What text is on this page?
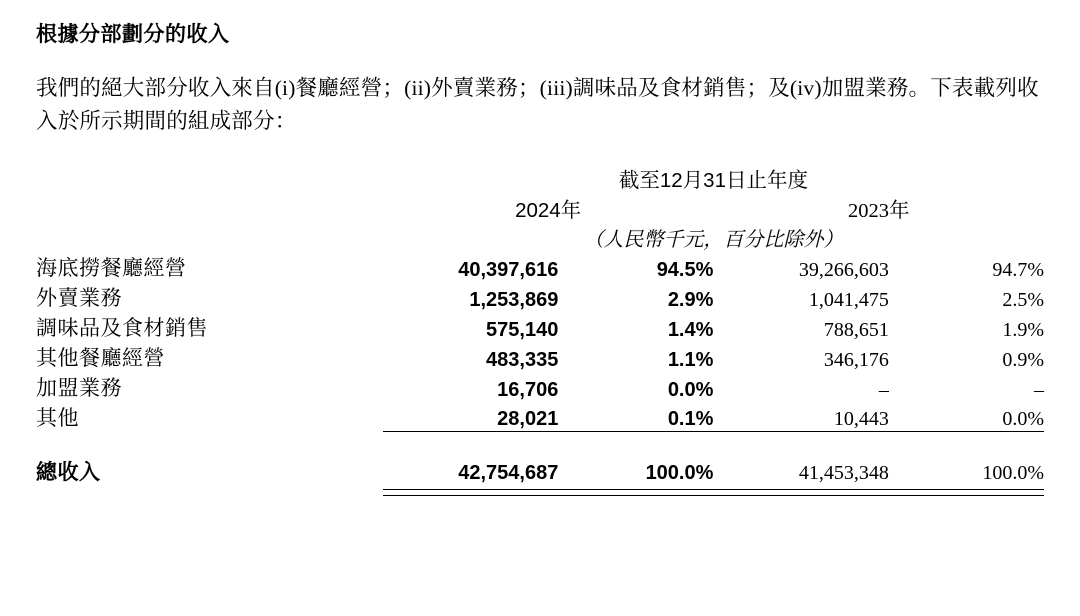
根據分部劃分的收入

我們的絕大部分收入來自(i)餐廳經營；(ii)外賣業務；(iii)調味品及食材銷售；及(iv)加盟業務。下表載列收入於所示期間的組成部分：

	截至12月31日止年度			
	2024年		2023年	
	（人民幣千元，百分比除外）			
海底撈餐廳經營	40,397,616	94.5%	39,266,603	94.7%
外賣業務	1,253,869	2.9%	1,041,475	2.5%
調味品及食材銷售	575,140	1.4%	788,651	1.9%
其他餐廳經營	483,335	1.1%	346,176	0.9%
加盟業務	16,706	0.0%	–	–
其他	28,021	0.1%	10,443	0.0%
總收入	42,754,687	100.0%	41,453,348	100.0%
